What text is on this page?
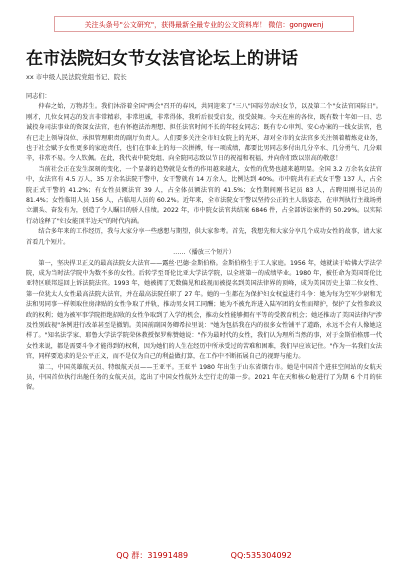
关注头条号"公文研究"，获得最新全最专业的公文资料库！ 微信：gongwenj
在市法院妇女节女法官论坛上的讲话
xx 市中级人民法院党组书记、院长

同志们：

仲春之始，万物苏生。我们沐浴着全国"两会"召开的春风，共同迎来了"三八"国际劳动妇女节，以及第二个"女法官国际日"。刚才，几位女同志的发言非常精彩，非常坦诚，非常得体，我听后很受启发，很受鼓舞。今天在座的各位，既有数十年如一日、忠诚投身司法事业的资深女法官，也有怀抱法治理想、担任法官时间不长的年轻女同志；既有专心审判、安心办案的一线女法官，也有已走上领导岗位、承担管理职责的副厅负责人。人们要多关注全市妇女院上的光环，却对全市的女法官多关注领着精炼竞业务，也于社会赋予女性更多的家庭责任，也们在事业上的每一次拼搏，每一项成绩，都要比男同志多付出几分辛水、几分勇气、几分艰辛，非常不易。令人钦佩。在此，我代表中院党组、向全院同志致以节日的祝福和祝福，并向你们致以崇高的敬意！

当前社会正在发生深刻的变化，一个显著的趋势就是女性的作用越来越大，女性的优势也越来越明显。全国 3.2 万余名女法官中，女法官有 4.5 万人，35 万余名法院干警中，女干警就有 14 万余人，比例达到 40%。市中院共有正式女干警 137 人，占全院正式干警的 41.2%；有女性员额法官 39 人，占全体员额法官的 41.5%；女性期间刚书记员 83 人，占聘用刚书记员的 81.4%；女性临用人员 156 人，占临用人员的 60.2%。近年来，全市法院女干警以坚持公正的主人翁姿态，在审判执行主战场勇立潮头、奋发有为，创造了令人瞩目的骄人佳绩。2022 年，市中院女法官共结案 6846 件，占全部诉讼案件的 50.29%。以实际行动诠释了"妇女能顶半边天"的时代内涵。

结合多年来的工作经历，我与大家分享一些感想与期望，供大家参考。首先，我想先和大家分享几个成功女性的故事，请大家首看几个短片。

……（播放三个短片）

第一，坚决捍卫正义的最高法院女大法官——露丝·巴德·金斯伯格。金斯伯格生于工人家庭。1956 年，她就读于哈佛大学法学院，成为当时法学院中为数不多的女性。后转学至哥伦比亚大学法学院，以全班第一的成绩毕业。1980 年，被任命为美国哥伦比亚特区联邦巡回上诉法院法官。1993 年，她被拥了无数偏见和歧视而被提名到美国法律界的顶峰，成为美国历史上第二位女性、第一位犹太人女性最高法院大法官，并在最高法院任职了 27 年。她的一生都在为保护妇女权益进行斗争：她为每为空军少尉和无法和男同事一样领取住房津贴的女性争取了并轨，推动男女同工同酬；她为不被允许进入陆军团的女性而辩护，保护了女性参政议政的权利；她为被军事学院拒绝招收的女性争取到了入学的机会，推动女性能够拥有平等的受教育机会；她还推动了美国法律内"涉及性别歧视"条例进行改革甚至是撤销。美国前副国务卿希拉里说："她为包括我在内的很多女性铺平了道路，永远不会有人像她这样了。"知名法学家、耶鲁大学法学院荣休教授保罗称赞她说："作为最时代的女性，我们认为理所当然的事，对于金斯伯格那一代女性来说，都是需要斗争才能得到的权利，因为她们的人生在经历中所承受过的苦难和困难，我们早应该记住。"作为一名我们女法官，同样要追求的是公平正义，而不是仅为自己的利益做打算，在工作中不断拓展自己的视野与能力。

第二，中国英雄航天员、特级航天员——王亚平。王亚平 1980 年出生于山东省烟台市。她是中国首个进驻空间站的女航天员，中国首位执行出舱任务的女航天员，迄出了中国女性航外太空行走的第一步。2021 年在天和核心舱进行了为期 6 个月的驻留。

QQ 群：31991489	QQ:535304092
